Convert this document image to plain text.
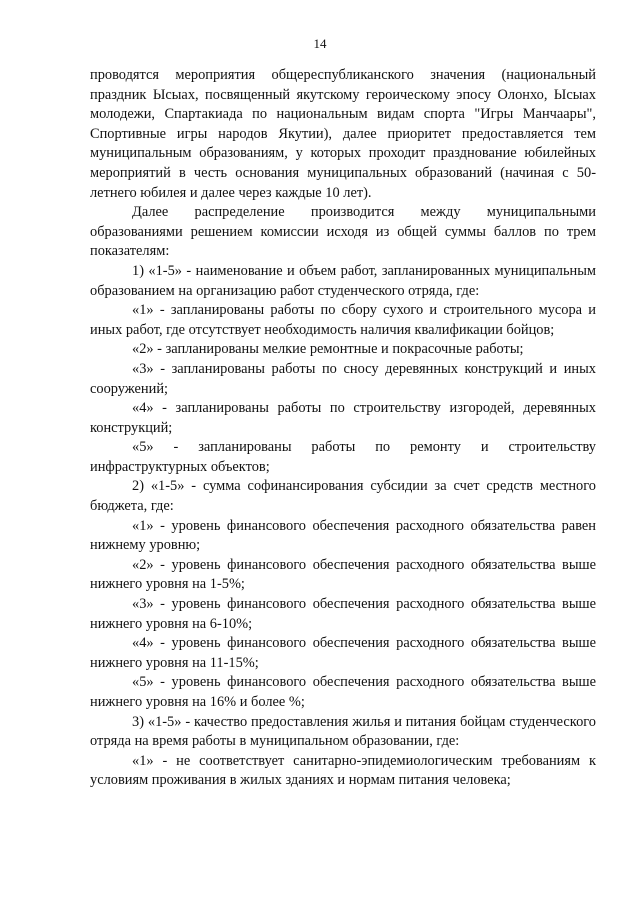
14

проводятся мероприятия общереспубликанского значения (национальный праздник Ысыах, посвященный якутскому героическому эпосу Олонхо, Ысыах молодежи, Спартакиада по национальным видам спорта "Игры Манчаары", Спортивные игры народов Якутии), далее приоритет предоставляется тем муниципальным образованиям, у которых проходит празднование юбилейных мероприятий в честь основания муниципальных образований (начиная с 50-летнего юбилея и далее через каждые 10 лет).

Далее распределение производится между муниципальными образованиями решением комиссии исходя из общей суммы баллов по трем показателям:

1) «1-5» - наименование и объем работ, запланированных муниципальным образованием на организацию работ студенческого отряда, где:

«1» - запланированы работы по сбору сухого и строительного мусора и иных работ, где отсутствует необходимость наличия квалификации бойцов;

«2» - запланированы мелкие ремонтные и покрасочные работы;

«3» - запланированы работы по сносу деревянных конструкций и иных сооружений;

«4» - запланированы работы по строительству изгородей, деревянных конструкций;

«5» - запланированы работы по ремонту и строительству инфраструктурных объектов;

2) «1-5» - сумма софинансирования субсидии за счет средств местного бюджета, где:

«1» - уровень финансового обеспечения расходного обязательства равен нижнему уровню;

«2» - уровень финансового обеспечения расходного обязательства выше нижнего уровня на 1-5%;

«3» - уровень финансового обеспечения расходного обязательства выше нижнего уровня на 6-10%;

«4» - уровень финансового обеспечения расходного обязательства выше нижнего уровня на 11-15%;

«5» - уровень финансового обеспечения расходного обязательства выше нижнего уровня на 16% и более %;

3) «1-5» - качество предоставления жилья и питания бойцам студенческого отряда на время работы в муниципальном образовании, где:

«1» - не соответствует санитарно-эпидемиологическим требованиям к условиям проживания в жилых зданиях и нормам питания человека;
